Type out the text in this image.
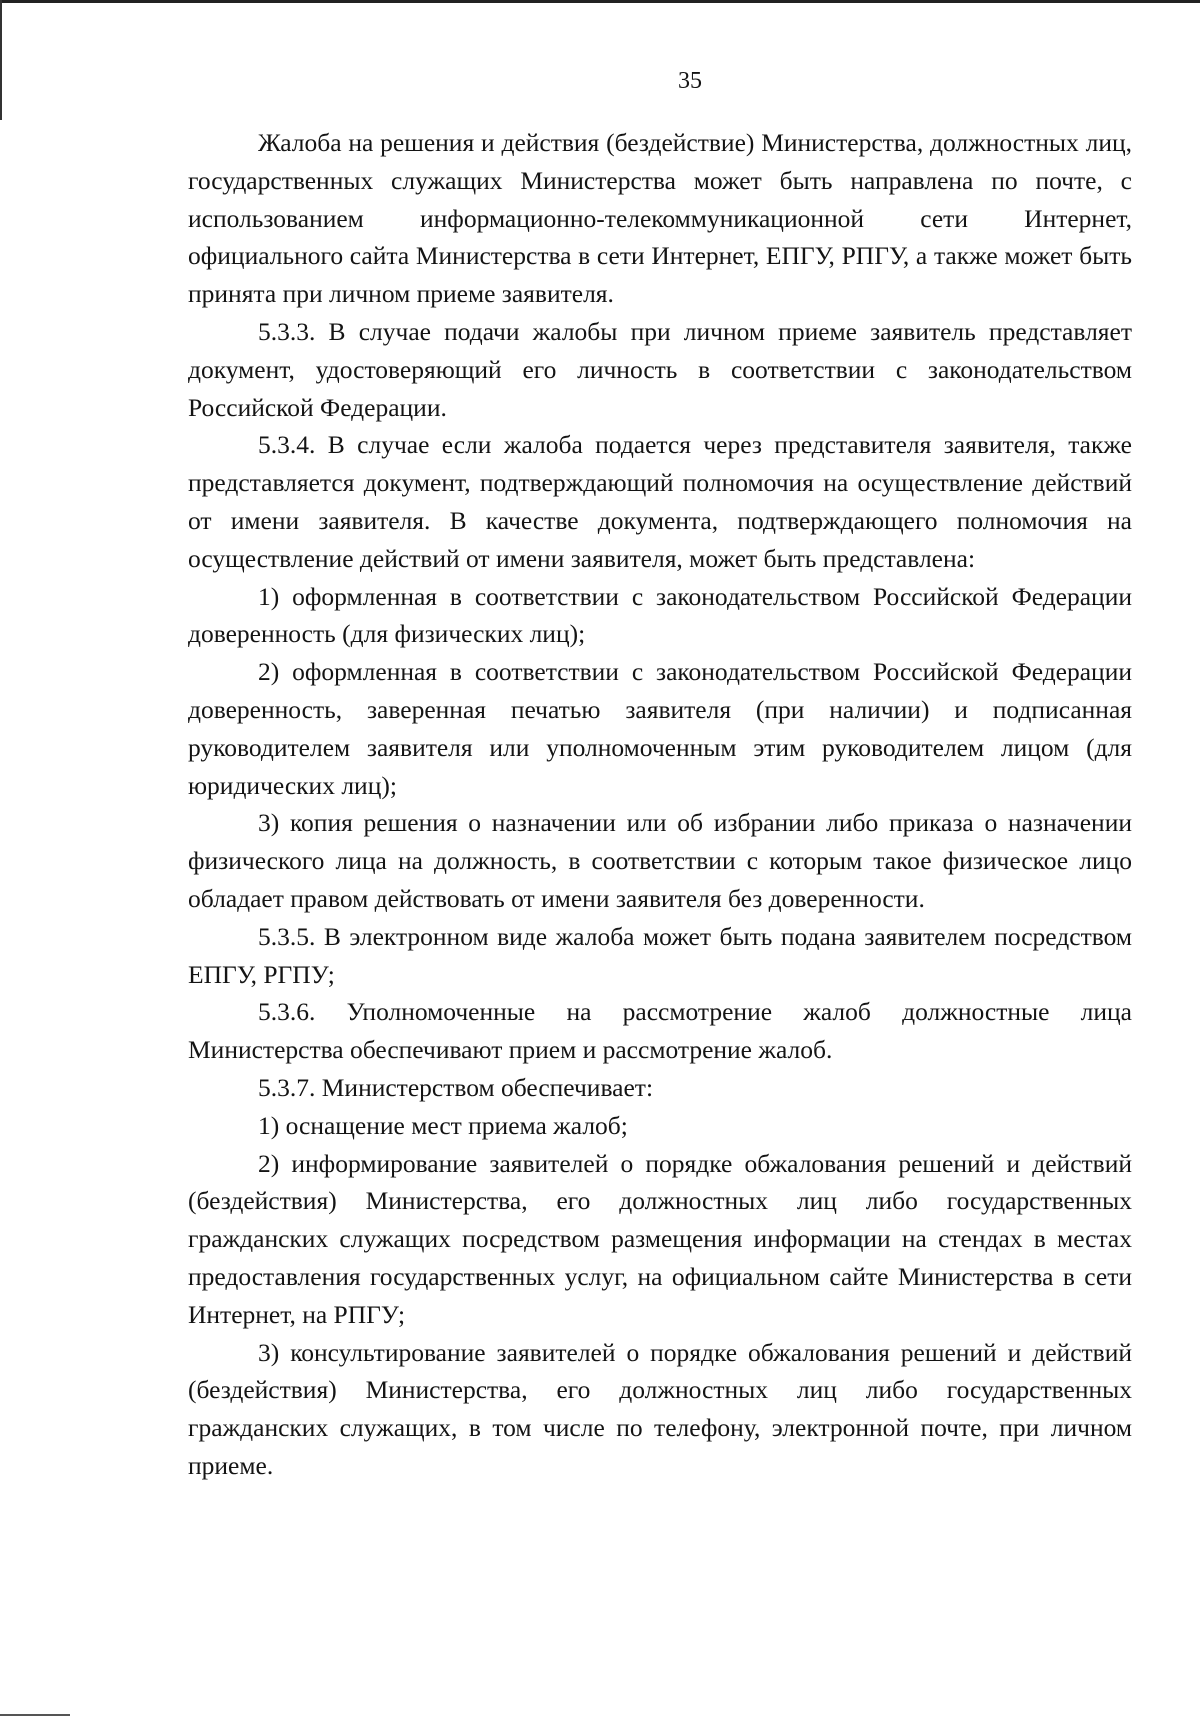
35

Жалоба на решения и действия (бездействие) Министерства, должностных лиц, государственных служащих Министерства может быть направлена по почте, с использованием информационно-телекоммуникационной сети Интернет, официального сайта Министерства в сети Интернет, ЕПГУ, РПГУ, а также может быть принята при личном приеме заявителя.

5.3.3. В случае подачи жалобы при личном приеме заявитель представляет документ, удостоверяющий его личность в соответствии с законодательством Российской Федерации.

5.3.4. В случае если жалоба подается через представителя заявителя, также представляется документ, подтверждающий полномочия на осуществление действий от имени заявителя. В качестве документа, подтверждающего полномочия на осуществление действий от имени заявителя, может быть представлена:

1) оформленная в соответствии с законодательством Российской Федерации доверенность (для физических лиц);

2) оформленная в соответствии с законодательством Российской Федерации доверенность, заверенная печатью заявителя (при наличии) и подписанная руководителем заявителя или уполномоченным этим руководителем лицом (для юридических лиц);

3) копия решения о назначении или об избрании либо приказа о назначении физического лица на должность, в соответствии с которым такое физическое лицо обладает правом действовать от имени заявителя без доверенности.

5.3.5. В электронном виде жалоба может быть подана заявителем посредством ЕПГУ, РГПУ;

5.3.6. Уполномоченные на рассмотрение жалоб должностные лица Министерства обеспечивают прием и рассмотрение жалоб.

5.3.7. Министерством обеспечивает:

1) оснащение мест приема жалоб;

2) информирование заявителей о порядке обжалования решений и действий (бездействия) Министерства, его должностных лиц либо государственных гражданских служащих посредством размещения информации на стендах в местах предоставления государственных услуг, на официальном сайте Министерства в сети Интернет, на РПГУ;

3) консультирование заявителей о порядке обжалования решений и действий (бездействия) Министерства, его должностных лиц либо государственных гражданских служащих, в том числе по телефону, электронной почте, при личном приеме.
